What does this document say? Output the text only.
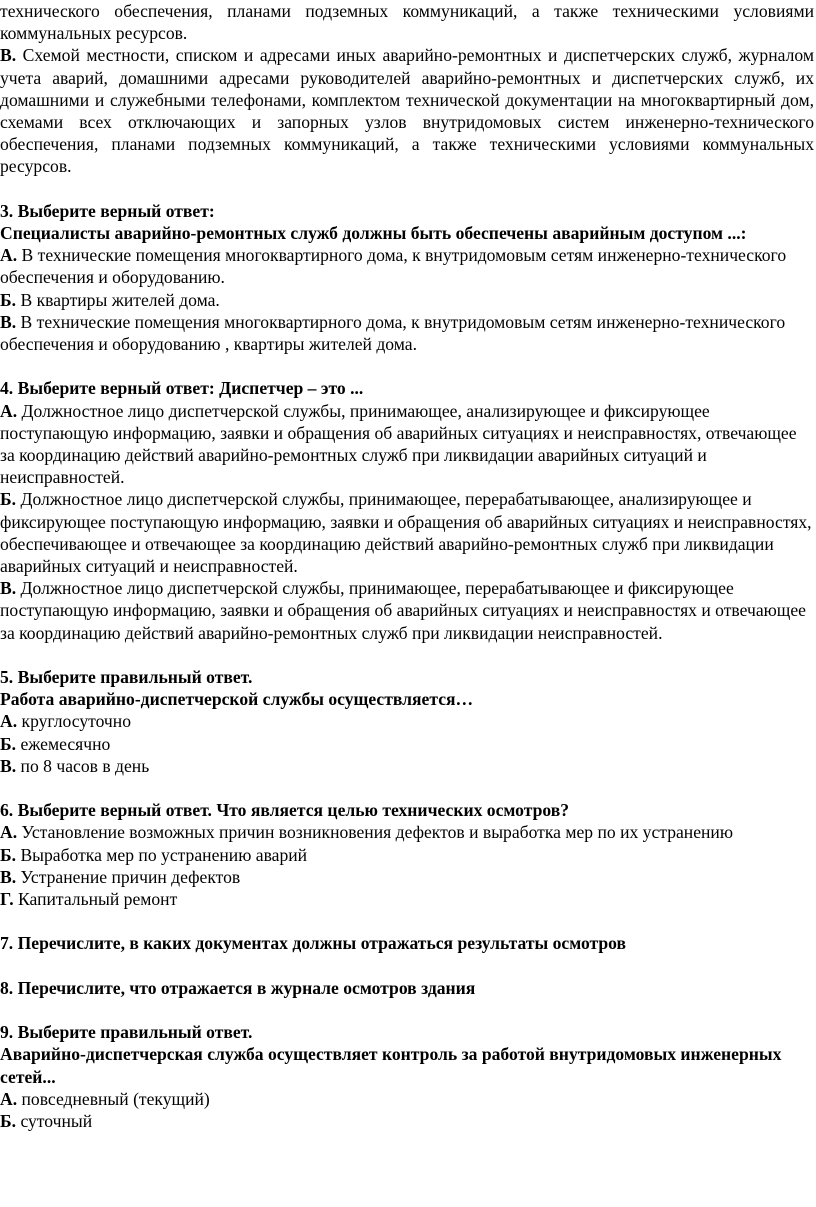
технического обеспечения, планами подземных коммуникаций, а также техническими условиями коммунальных ресурсов.

В. Схемой местности, списком и адресами иных аварийно-ремонтных и диспетчерских служб, журналом учета аварий, домашними адресами руководителей аварийно-ремонтных и диспетчерских служб, их домашними и служебными телефонами, комплектом технической документации на многоквартирный дом, схемами всех отключающих и запорных узлов внутридомовых систем инженерно-технического обеспечения, планами подземных коммуникаций, а также техническими условиями коммунальных ресурсов.

3. Выберите верный ответ:

Специалисты аварийно-ремонтных служб должны быть обеспечены аварийным доступом ...:

А. В технические помещения многоквартирного дома, к внутридомовым сетям инженерно-технического обеспечения и оборудованию.

Б. В квартиры жителей дома.

В. В технические помещения многоквартирного дома, к внутридомовым сетям инженерно-технического обеспечения и оборудованию , квартиры жителей дома.

4. Выберите верный ответ: Диспетчер – это ...

А. Должностное лицо диспетчерской службы, принимающее, анализирующее и фиксирующее поступающую информацию, заявки и обращения об аварийных ситуациях и неисправностях, отвечающее за координацию действий аварийно-ремонтных служб при ликвидации аварийных ситуаций и неисправностей.

Б. Должностное лицо диспетчерской службы, принимающее, перерабатывающее, анализирующее и фиксирующее поступающую информацию, заявки и обращения об аварийных ситуациях и неисправностях, обеспечивающее и отвечающее за координацию действий аварийно-ремонтных служб при ликвидации аварийных ситуаций и неисправностей.

В. Должностное лицо диспетчерской службы, принимающее, перерабатывающее и фиксирующее поступающую информацию, заявки и обращения об аварийных ситуациях и неисправностях и отвечающее за координацию действий аварийно-ремонтных служб при ликвидации неисправностей.

5. Выберите правильный ответ.

Работа аварийно-диспетчерской службы осуществляется…

А. круглосуточно

Б. ежемесячно

В. по 8 часов в день

6. Выберите верный ответ. Что является целью технических осмотров?

А. Установление возможных причин возникновения дефектов и выработка мер по их устранению

Б. Выработка мер по устранению аварий

В. Устранение причин дефектов

Г. Капитальный ремонт

7. Перечислите, в каких документах должны отражаться результаты осмотров

8. Перечислите, что отражается в журнале осмотров здания

9. Выберите правильный ответ.

Аварийно-диспетчерская служба осуществляет контроль за работой внутридомовых инженерных сетей...

А. повседневный (текущий)

Б. суточный
